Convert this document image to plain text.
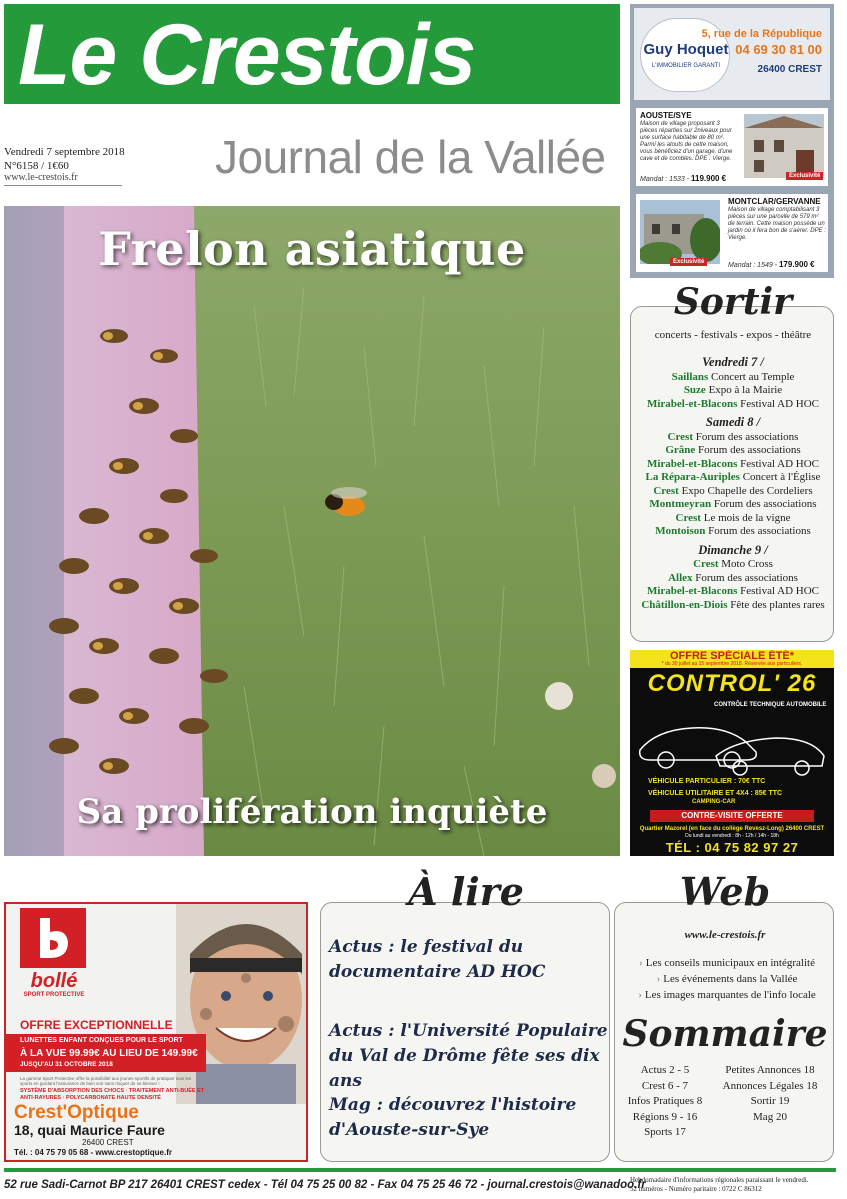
Le Crestois
Journal de la Vallée
Vendredi 7 septembre 2018
N°6158 / 1€60
www.le-crestois.fr
Guy Hoquet
L'IMMOBILIER GARANTI
5, rue de la République
04 69 30 81 00
26400 CREST
AOUSTE/SYE
Maison de village proposant 3 pièces réparties sur 2niveaux pour une surface habitable de 80 m². Parmi les atouts de cette maison, vous bénéficiez d'un garage, d'une cave et de combles. DPE : Vierge.
Mandat : 1533 - 119.900 €	Exclusivité
Exclusivité
MONTCLAR/GERVANNE
Maison de village comptabilisant 3 pièces sur une parcelle de 579 m² de terrain. Cette maison possède un jardin où il fera bon de s'aérer. DPE : Vierge.
Mandat : 1549 - 179.900 €
Frelon asiatique
Sa prolifération inquiète
Sortir
concerts - festivals - expos - théâtre
Vendredi 7 /
Saillans Concert au Temple
Suze Expo à la Mairie
Mirabel-et-Blacons Festival AD HOC
Samedi 8 /
Crest Forum des associations
Grâne Forum des associations
Mirabel-et-Blacons Festival AD HOC
La Répara-Auriples Concert à l'Église
Crest Expo Chapelle des Cordeliers
Montmeyran Forum des associations
Crest Le mois de la vigne
Montoison Forum des associations
Dimanche 9 /
Crest Moto Cross
Allex Forum des associations
Mirabel-et-Blacons Festival AD HOC
Châtillon-en-Diois Fête des plantes rares
OFFRE SPÉCIALE ÉTÉ*
* du 30 juillet au 15 septembre 2018. Réservée aux particuliers.
CONTROL' 26
CONTRÔLE TECHNIQUE AUTOMOBILE
VÉHICULE PARTICULIER : 70€ TTC
VÉHICULE UTILITAIRE ET 4X4 : 85€ TTC
CAMPING-CAR
CONTRE-VISITE OFFERTE
Quartier Mazorel (en face du collège Revesz-Long) 26400 CREST
Du lundi au vendredi : 8h - 12h / 14h - 18h
TÉL : 04 75 82 97 27
bollé
SPORT PROTECTIVE
OFFRE EXCEPTIONNELLE
LUNETTES ENFANT CONÇUES POUR LE SPORT
À LA VUE 99.99€ AU LIEU DE 149.99€
JUSQU'AU 31 OCTOBRE 2018
La gamme Sport Protective offre la possibilité aux jeunes sportifs de pratiquer tous les sports en gardant l'assurance de bien voir sans risquer de se blesser !
SYSTÈME D'ABSORPTION DES CHOCS · TRAITEMENT ANTI-BUÉE ET ANTI-RAYURES · POLYCARBONATE HAUTE DENSITÉ
Crest'Optique
18, quai Maurice Faure
26400 CREST
Tél. : 04 75 79 05 68 - www.crestoptique.fr
À lire
Actus : le festival du documentaire AD HOC
Actus : l'Université Populaire du Val de Drôme fête ses dix ans
Mag : découvrez l'histoire d'Aouste-sur-Sye
Web
www.le-crestois.fr
› Les conseils municipaux en intégralité
› Les événements dans la Vallée
› Les images marquantes de l'info locale
Sommaire
Actus 2 - 5	Petites Annonces 18
Crest 6 - 7	Annonces Légales 18
Infos Pratiques 8	Sortir 19
Régions 9 - 16	Mag 20
Sports 17
52 rue Sadi-Carnot BP 217 26401 CREST cedex - Tél 04 75 25 00 82 - Fax 04 75 25 46 72 - journal.crestois@wanadoo.fr
Hebdomadaire d'informations régionales paraissant le vendredi.
52 numéros - Numéro paritaire : 0722 C 86312
